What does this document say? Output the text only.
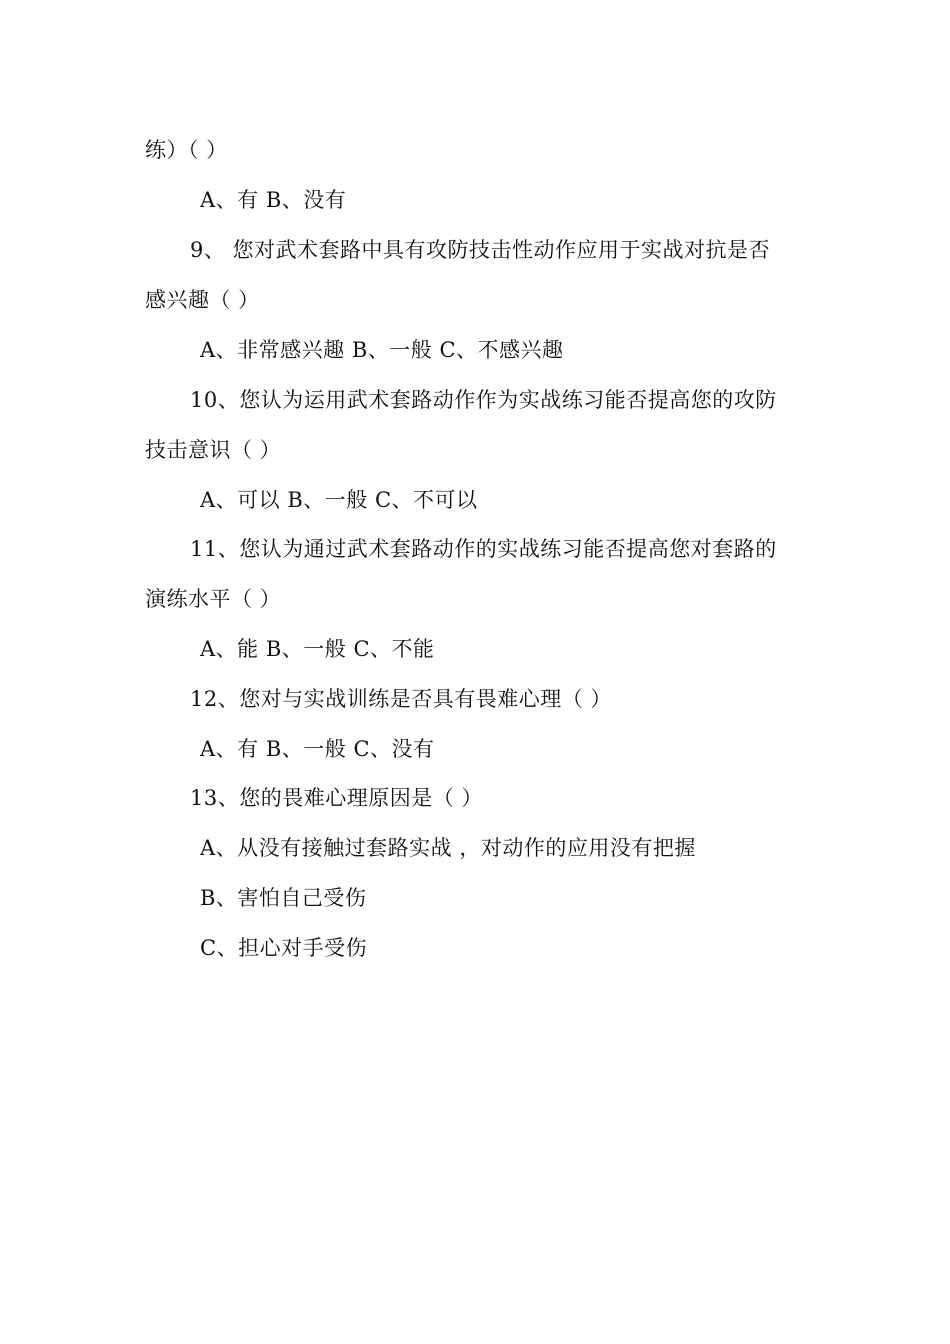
练）（ ）
A、有 B、没有
9、 您对武术套路中具有攻防技击性动作应用于实战对抗是否
感兴趣（ ）
A、非常感兴趣 B、一般 C、不感兴趣
10、您认为运用武术套路动作作为实战练习能否提高您的攻防
技击意识（ ）
A、可以 B、一般 C、不可以
11、您认为通过武术套路动作的实战练习能否提高您对套路的
演练水平（ ）
A、能 B、一般 C、不能
12、您对与实战训练是否具有畏难心理（ ）
A、有 B、一般 C、没有
13、您的畏难心理原因是（ ）
A、从没有接触过套路实战 ，对动作的应用没有把握
B、害怕自己受伤
C、担心对手受伤
